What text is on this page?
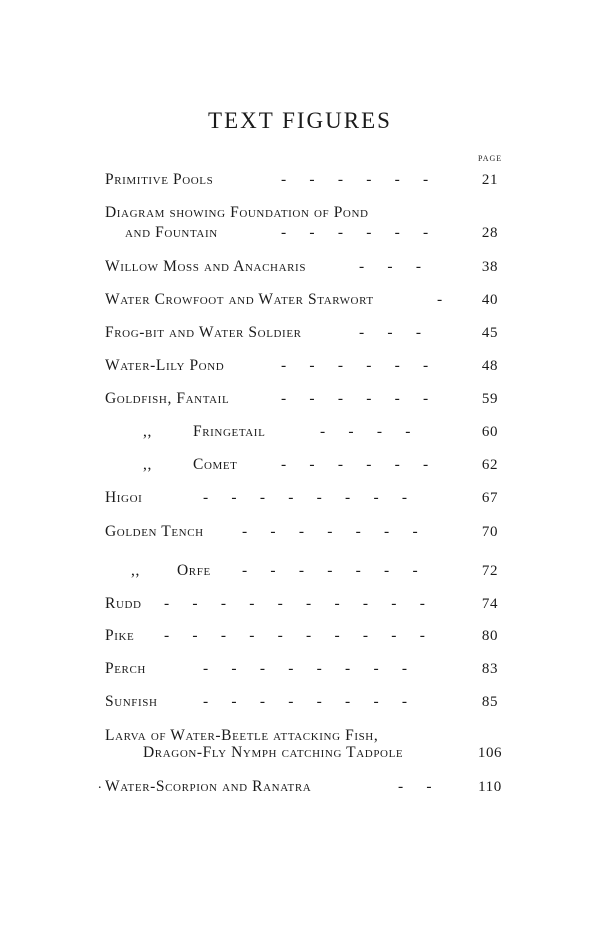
TEXT FIGURES
PAGE
Primitive Pools	-      -      -      -      -      -	21
Diagram showing Foundation of Pond
and Fountain	-      -      -      -      -      -	28
Willow Moss and Anacharis	-      -      -	38
Water Crowfoot and Water Starwort	-	40
Frog-bit and Water Soldier	-      -      -	45
Water-Lily Pond	-      -      -      -      -      -	48
Goldfish, Fantail	-      -      -      -      -      -	59
,,	Fringetail	-      -      -      -	60
,,	Comet	-      -      -      -      -      -	62
Higoi	-      -      -      -      -      -      -      -	67
Golden Tench -      -      -      -      -      -      -	70
,, Orfe -      -      -      -      -      -      -	72
Rudd -      -      -      -      -      -      -      -      -      -	74
Pike -      -      -      -      -      -      -      -      -      -	80
Perch	-      -      -      -      -      -      -      -	83
Sunfish	-      -      -      -      -      -      -      -	85
Larva of Water-Beetle attacking Fish,
Dragon-Fly Nymph catching Tadpole	106
Water-Scorpion and Ranatra	-      -	110
.
